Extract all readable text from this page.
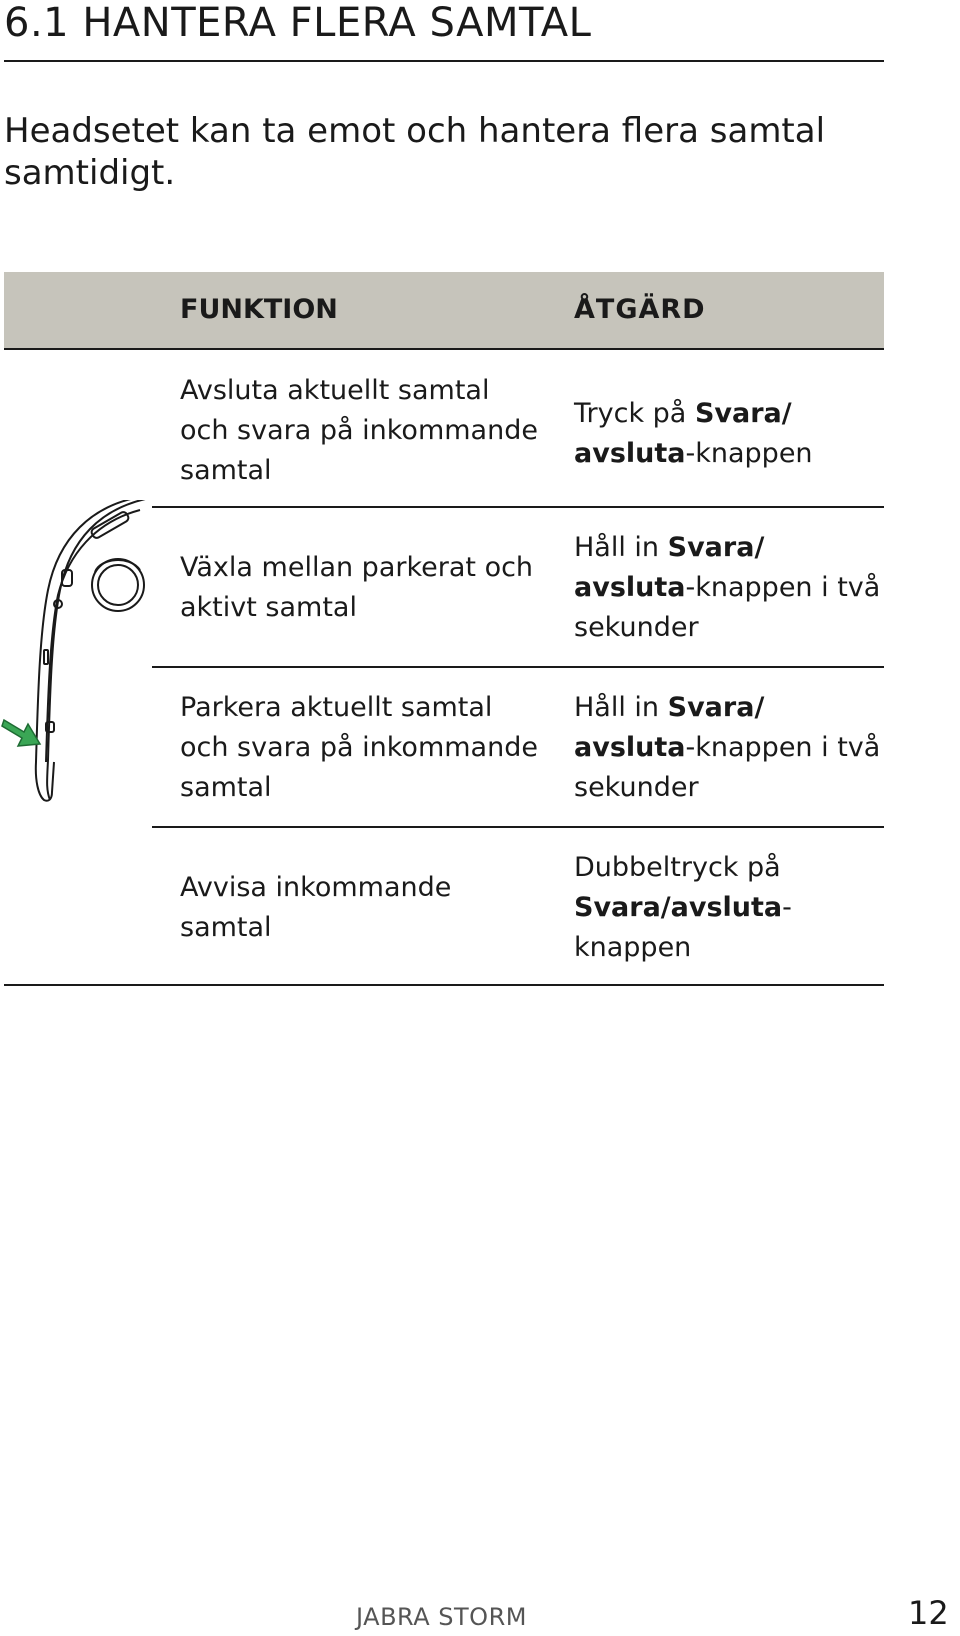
6.1 HANTERA FLERA SAMTAL
Headsetet kan ta emot och hantera flera samtal samtidigt.
FUNKTION	ÅTGÄRD
Avsluta aktuellt samtal och svara på inkommande samtal
Tryck på Svara/ avsluta-knappen
Växla mellan parkerat och aktivt samtal
Håll in Svara/ avsluta-knappen i två sekunder
Parkera aktuellt samtal och svara på inkommande samtal
Håll in Svara/ avsluta-knappen i två sekunder
Avvisa inkommande samtal
Dubbeltryck på Svara/avsluta-knappen
JABRA STORM	12
